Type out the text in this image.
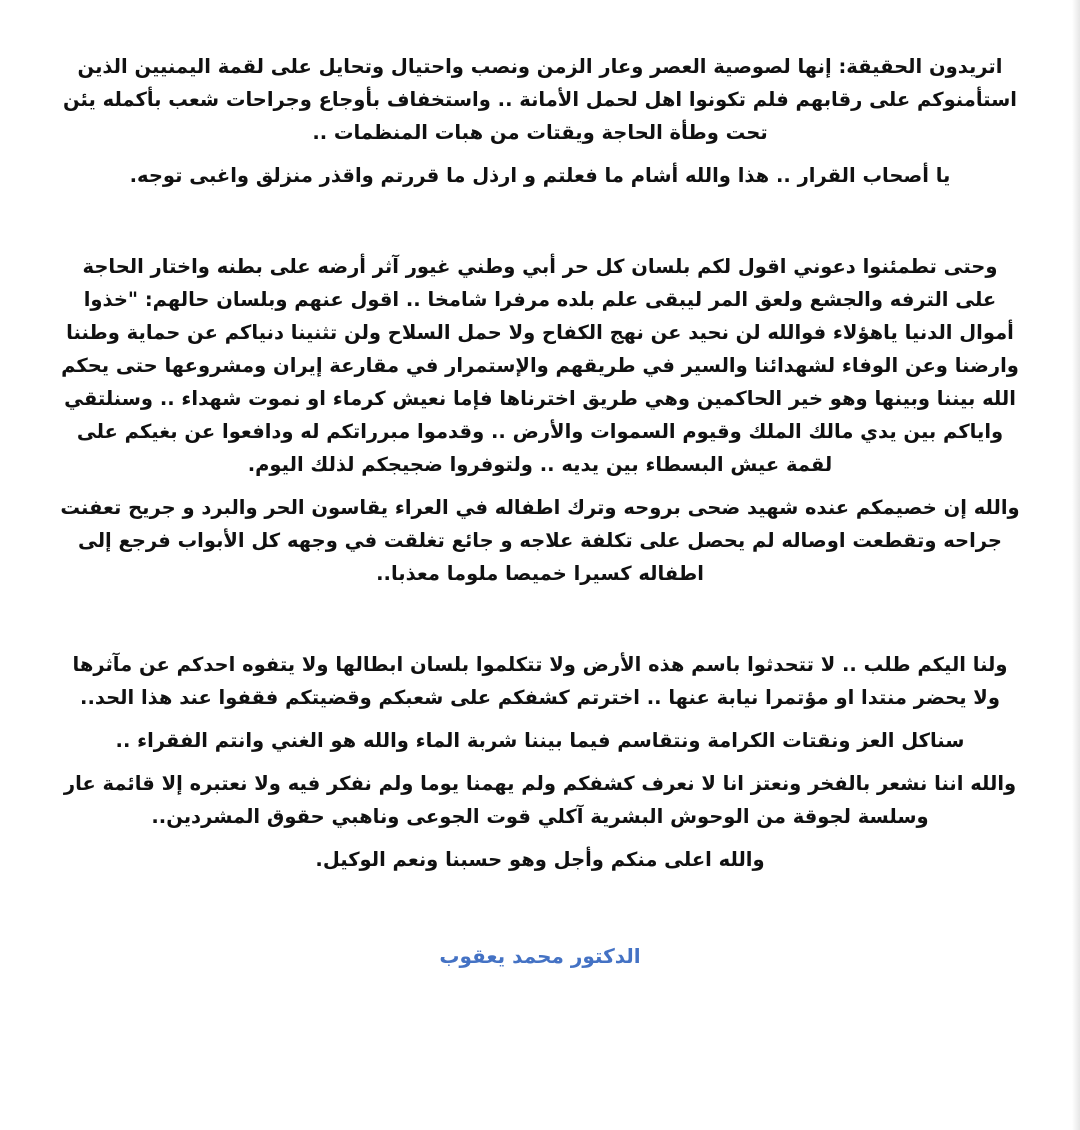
اتريدون الحقيقة: إنها لصوصية العصر وعار الزمن ونصب واحتيال وتحايل على لقمة اليمنيين الذين استأمنوكم على رقابهم فلم تكونوا اهل لحمل الأمانة .. واستخفاف بأوجاع وجراحات شعب بأكمله يئن تحت وطأة الحاجة ويقتات من هبات المنظمات ..

يا أصحاب القرار .. هذا والله أشام ما فعلتم و ارذل ما قررتم واقذر منزلق واغبى توجه.

وحتى تطمئنوا دعوني اقول لكم بلسان كل حر أبي وطني غيور آثر أرضه على بطنه واختار الحاجة على الترفه والجشع ولعق المر ليبقى علم بلده مرفرا شامخا .. اقول عنهم وبلسان حالهم: "خذوا أموال الدنيا ياهؤلاء فوالله لن نحيد عن نهج الكفاح ولا حمل السلاح ولن تثنينا دنياكم عن حماية وطننا وارضنا وعن الوفاء لشهدائنا والسير في طريقهم والإستمرار في مقارعة إيران ومشروعها حتى يحكم الله بيننا وبينها وهو خير الحاكمين وهي طريق اخترناها فإما نعيش كرماء او نموت شهداء .. وسنلتقي واياكم بين يدي مالك الملك وقيوم السموات والأرض .. وقدموا مبرراتكم له ودافعوا عن بغيكم على لقمة عيش البسطاء بين يديه .. ولتوفروا ضجيجكم لذلك اليوم.

والله إن خصيمكم عنده شهيد ضحى بروحه وترك اطفاله في العراء يقاسون الحر والبرد و جريح تعفنت جراحه وتقطعت اوصاله لم يحصل على تكلفة علاجه و جائع تغلقت في وجهه كل الأبواب فرجع إلى اطفاله كسيرا خميصا ملوما معذبا..

ولنا اليكم طلب .. لا تتحدثوا باسم هذه الأرض ولا تتكلموا بلسان ابطالها ولا يتفوه احدكم عن مآثرها ولا يحضر منتدا او مؤتمرا نيابة عنها .. اخترتم كشفكم على شعبكم وقضيتكم فقفوا عند هذا الحد..

سناكل العز ونقتات الكرامة ونتقاسم فيما بيننا شربة الماء والله هو الغني وانتم الفقراء ..

والله اننا نشعر بالفخر ونعتز انا لا نعرف كشفكم ولم يهمنا يوما ولم نفكر فيه ولا نعتبره إلا قائمة عار وسلسة لجوقة من الوحوش البشرية آكلي قوت الجوعى وناهبي حقوق المشردين..

والله اعلى منكم وأجل وهو حسبنا ونعم الوكيل.

الدكتور محمد يعقوب
